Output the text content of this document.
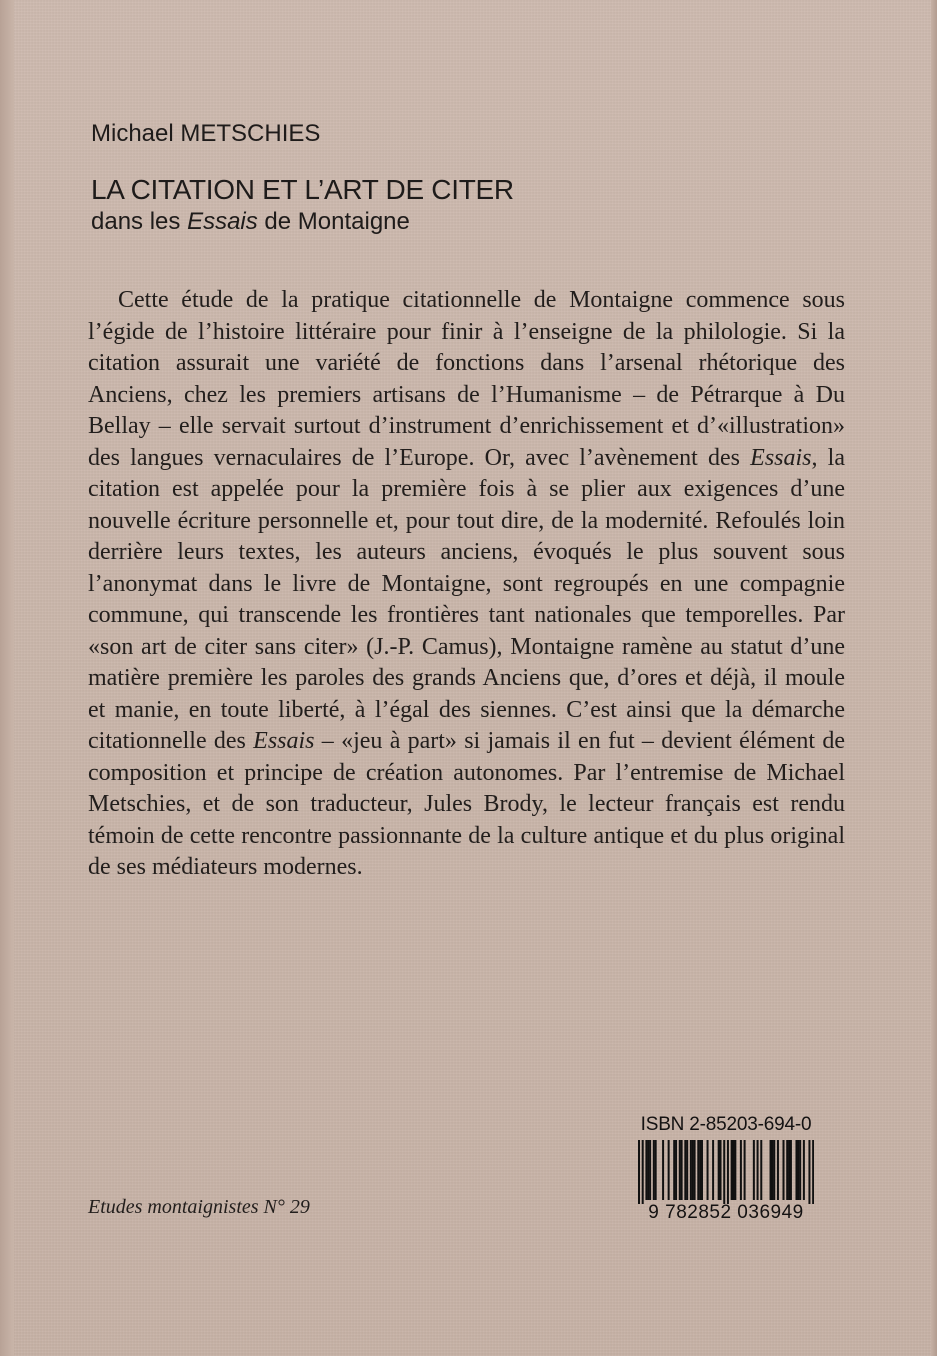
Michael METSCHIES

LA CITATION ET L’ART DE CITER

dans les Essais de Montaigne

Cette étude de la pratique citationnelle de Montaigne commence sous l’égide de l’histoire littéraire pour finir à l’enseigne de la philologie. Si la citation assurait une variété de fonctions dans l’arsenal rhétorique des Anciens, chez les premiers artisans de l’Humanisme – de Pétrarque à Du Bellay – elle servait surtout d’instrument d’enrichissement et d’«illustration» des langues vernaculaires de l’Europe. Or, avec l’avènement des Essais, la citation est appelée pour la première fois à se plier aux exigences d’une nouvelle écriture personnelle et, pour tout dire, de la modernité. Refoulés loin derrière leurs textes, les auteurs anciens, évoqués le plus souvent sous l’anonymat dans le livre de Montaigne, sont regroupés en une compagnie commune, qui transcende les frontières tant nationales que temporelles. Par «son art de citer sans citer» (J.-P. Camus), Montaigne ramène au statut d’une matière première les paroles des grands Anciens que, d’ores et déjà, il moule et manie, en toute liberté, à l’égal des siennes. C’est ainsi que la démarche citationnelle des Essais – «jeu à part» si jamais il en fut – devient élément de composition et principe de création autonomes. Par l’entremise de Michael Metschies, et de son traducteur, Jules Brody, le lecteur français est rendu témoin de cette rencontre passionnante de la culture antique et du plus original de ses médiateurs modernes.

Etudes montaignistes N° 29

ISBN 2-85203-694-0

9 782852 036949
